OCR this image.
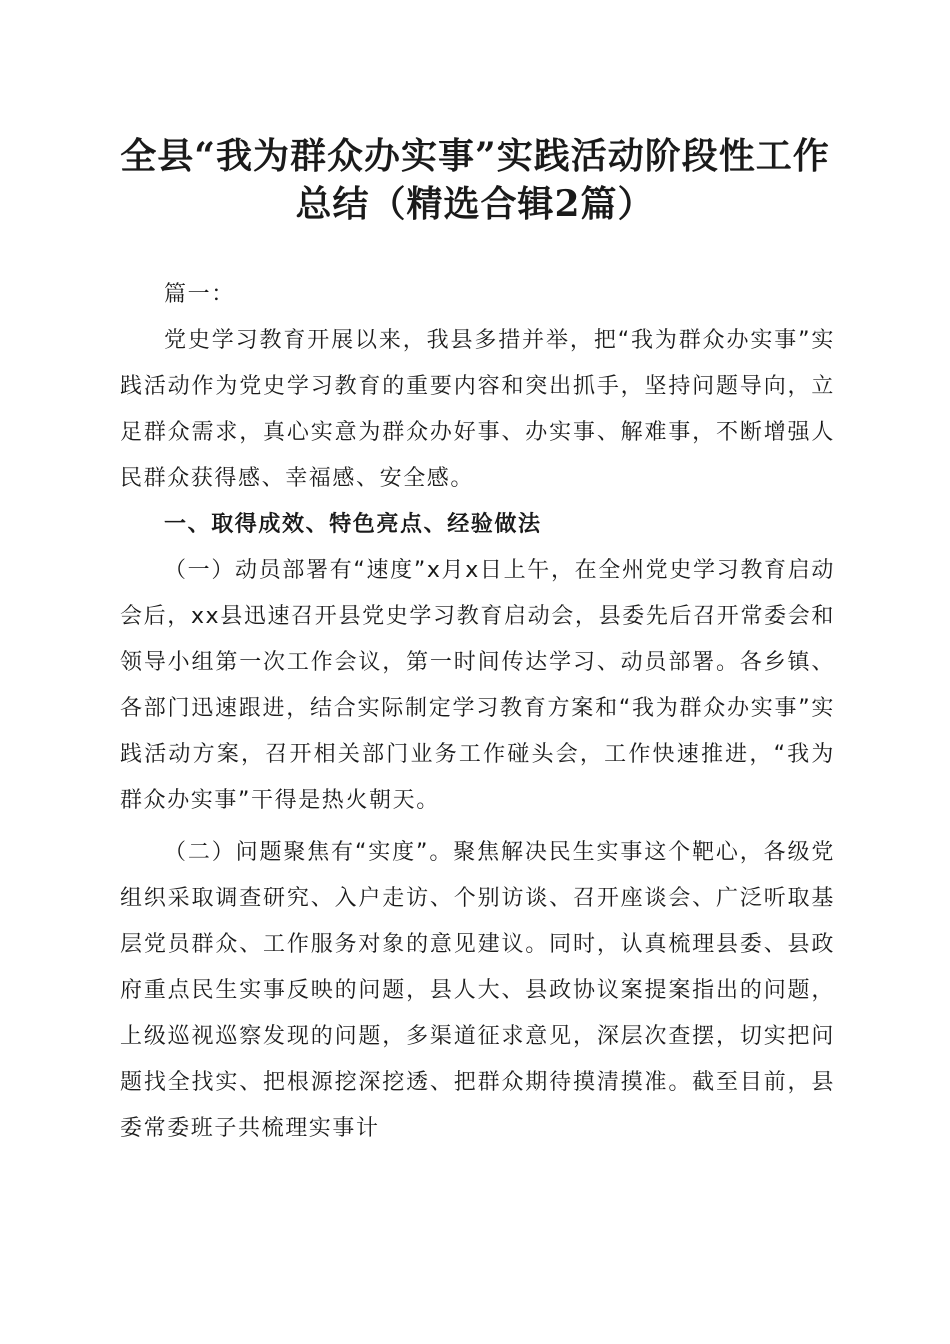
全县“我为群众办实事”实践活动阶段性工作
总结（精选合辑2篇）

篇一：

党史学习教育开展以来，我县多措并举，把“我为群众办实事”实践活动作为党史学习教育的重要内容和突出抓手，坚持问题导向，立足群众需求，真心实意为群众办好事、办实事、解难事，不断增强人民群众获得感、幸福感、安全感。

一、取得成效、特色亮点、经验做法

（一）动员部署有“速度”x月x日上午，在全州党史学习教育启动会后，xx县迅速召开县党史学习教育启动会，县委先后召开常委会和领导小组第一次工作会议，第一时间传达学习、动员部署。各乡镇、各部门迅速跟进，结合实际制定学习教育方案和“我为群众办实事”实践活动方案，召开相关部门业务工作碰头会，工作快速推进，“我为群众办实事”干得是热火朝天。

（二）问题聚焦有“实度”。聚焦解决民生实事这个靶心，各级党组织采取调查研究、入户走访、个别访谈、召开座谈会、广泛听取基层党员群众、工作服务对象的意见建议。同时，认真梳理县委、县政府重点民生实事反映的问题，县人大、县政协议案提案指出的问题，上级巡视巡察发现的问题，多渠道征求意见，深层次查摆，切实把问题找全找实、把根源挖深挖透、把群众期待摸清摸准。截至目前，县委常委班子共梳理实事计
